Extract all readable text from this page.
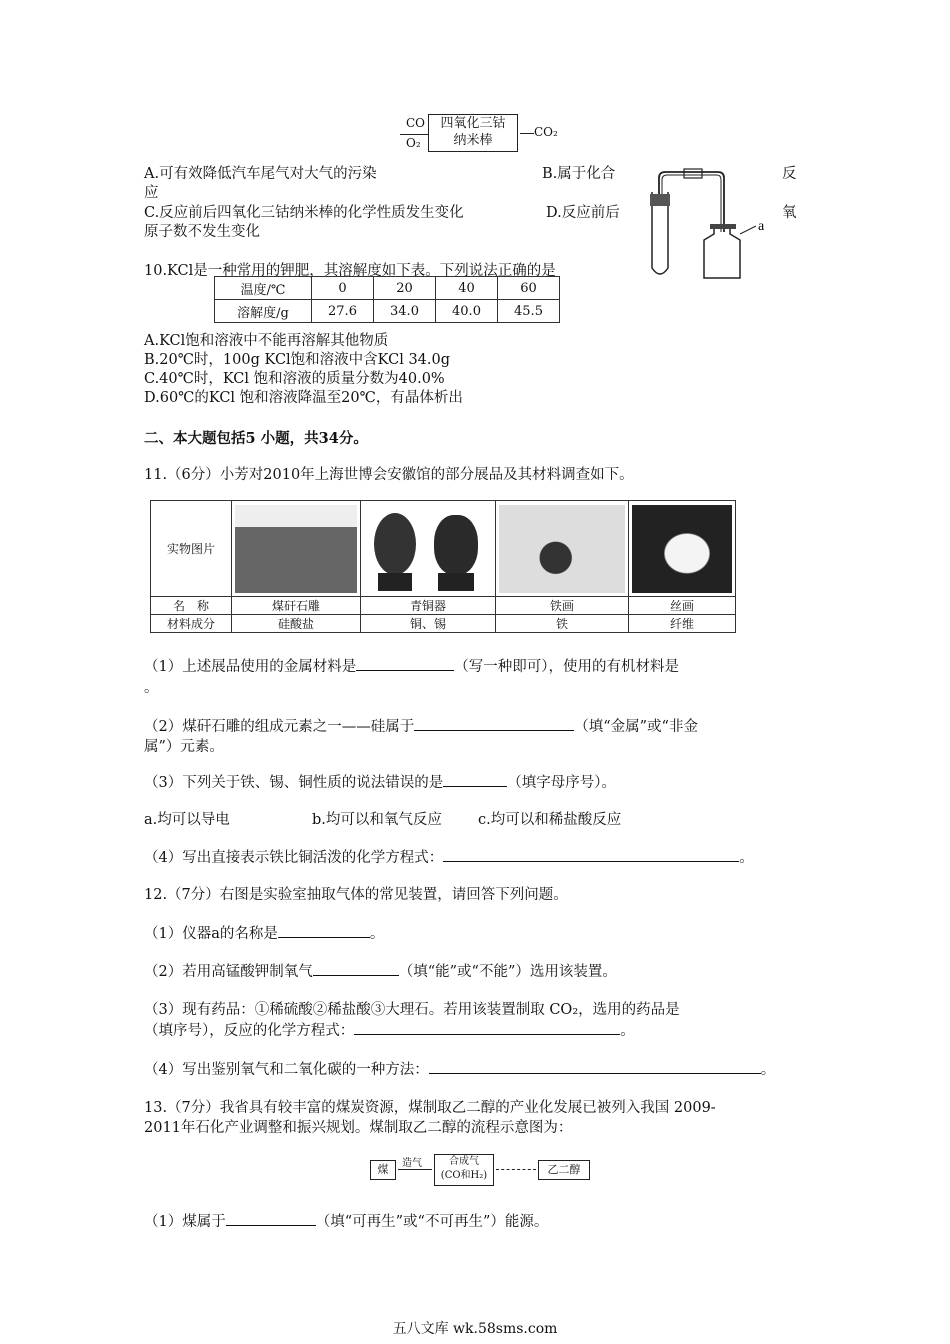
CO
O₂
四氧化三钴
纳米棒
CO₂
A.可有效降低汽车尾气对大气的污染	B.属于化合	反
应
C.反应前后四氧化三钴纳米棒的化学性质发生变化	D.反应前后	氧
原子数不发生变化	a
10.KCl是一种常用的钾肥，其溶解度如下表。下列说法正确的是
温度/℃	0	20	40	60
溶解度/g	27.6	34.0	40.0	45.5
A.KCl饱和溶液中不能再溶解其他物质
B.20℃时，100g KCl饱和溶液中含KCl 34.0g
C.40℃时，KCl 饱和溶液的质量分数为40.0%
D.60℃的KCl 饱和溶液降温至20℃，有晶体析出
二、本大题包括5 小题，共34分。
11.（6分）小芳对2010年上海世博会安徽馆的部分展品及其材料调查如下。
实物图片	

名　称	煤矸石雕	青铜器	铁画	丝画
材料成分	硅酸盐	铜、锡	铁	纤维
（1）上述展品使用的金属材料是	（写一种即可），使用的有机材料是
。
（2）煤矸石雕的组成元素之一——硅属于	（填“金属”或“非金
属”）元素。
（3）下列关于铁、锡、铜性质的说法错误的是	（填字母序号）。
a.均可以导电	b.均可以和氧气反应 c.均可以和稀盐酸反应
（4）写出直接表示铁比铜活泼的化学方程式：	。
12.（7分）右图是实验室抽取气体的常见装置，请回答下列问题。
（1）仪器a的名称是	。
（2）若用高锰酸钾制氧气	（填“能”或“不能”）选用该装置。
（3）现有药品：①稀硫酸②稀盐酸③大理石。若用该装置制取 CO₂，选用的药品是
（填序号），反应的化学方程式：	。
（4）写出鉴别氧气和二氧化碳的一种方法：	。
13.（7分）我省具有较丰富的煤炭资源，煤制取乙二醇的产业化发展已被列入我国 2009-
2011年石化产业调整和振兴规划。煤制取乙二醇的流程示意图为：
煤	造气	合成气
(CO和H₂)	乙二醇
（1）煤属于	（填“可再生”或“不可再生”）能源。
五八文库 wk.58sms.com
